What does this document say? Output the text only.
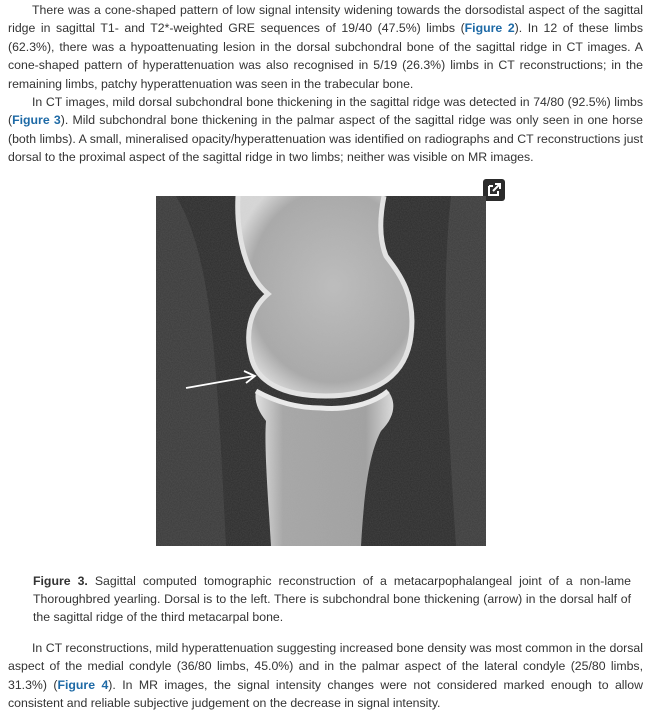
There was a cone-shaped pattern of low signal intensity widening towards the dorsodistal aspect of the sagittal ridge in sagittal T1- and T2*-weighted GRE sequences of 19/40 (47.5%) limbs (Figure 2). In 12 of these limbs (62.3%), there was a hypoattenuating lesion in the dorsal subchondral bone of the sagittal ridge in CT images. A cone-shaped pattern of hyperattenuation was also recognised in 5/19 (26.3%) limbs in CT reconstructions; in the remaining limbs, patchy hyperattenuation was seen in the trabecular bone.

In CT images, mild dorsal subchondral bone thickening in the sagittal ridge was detected in 74/80 (92.5%) limbs (Figure 3). Mild subchondral bone thickening in the palmar aspect of the sagittal ridge was only seen in one horse (both limbs). A small, mineralised opacity/hyperattenuation was identified on radiographs and CT reconstructions just dorsal to the proximal aspect of the sagittal ridge in two limbs; neither was visible on MR images.

Figure 3. Sagittal computed tomographic reconstruction of a metacarpophalangeal joint of a non-lame Thoroughbred yearling. Dorsal is to the left. There is subchondral bone thickening (arrow) in the dorsal half of the sagittal ridge of the third metacarpal bone.

In CT reconstructions, mild hyperattenuation suggesting increased bone density was most common in the dorsal aspect of the medial condyle (36/80 limbs, 45.0%) and in the palmar aspect of the lateral condyle (25/80 limbs, 31.3%) (Figure 4). In MR images, the signal intensity changes were not considered marked enough to allow consistent and reliable subjective judgement on the decrease in signal intensity.
